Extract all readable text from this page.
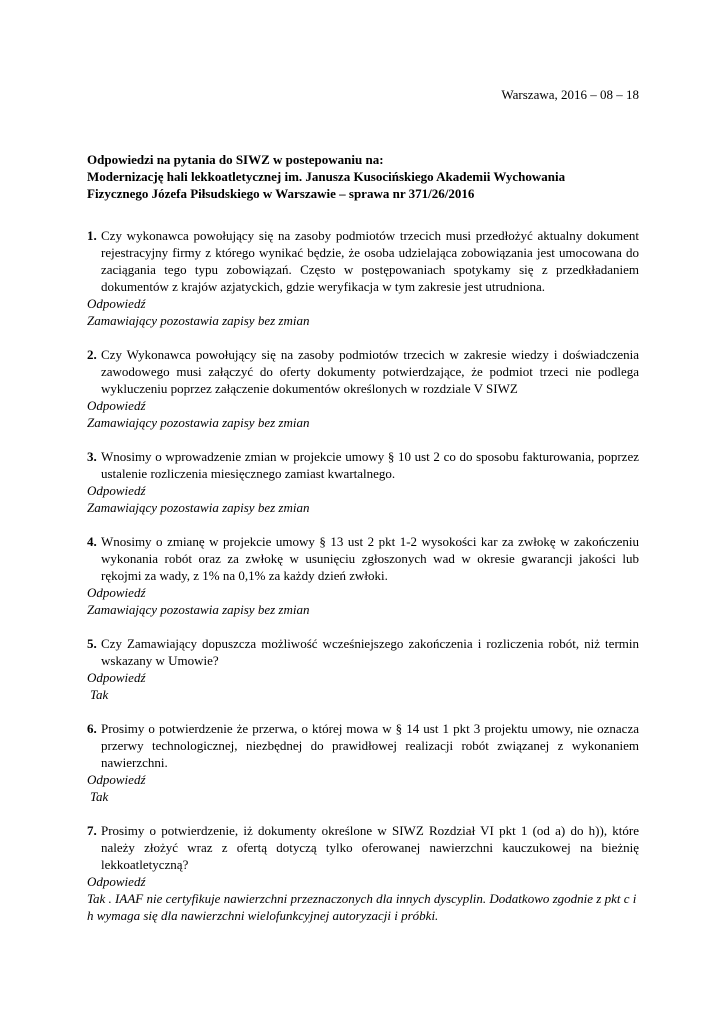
Warszawa, 2016 – 08 – 18
Odpowiedzi na pytania do SIWZ w postepowaniu na:
Modernizację hali lekkoatletycznej im. Janusza Kusocińskiego Akademii Wychowania
Fizycznego Józefa Piłsudskiego w Warszawie – sprawa nr 371/26/2016
1. Czy wykonawca powołujący się na zasoby podmiotów trzecich musi przedłożyć aktualny dokument rejestracyjny firmy z którego wynikać będzie, że osoba udzielająca zobowiązania jest umocowana do zaciągania tego typu zobowiązań. Często w postępowaniach spotykamy się z przedkładaniem dokumentów z krajów azjatyckich, gdzie weryfikacja w tym zakresie jest utrudniona.
Odpowiedź
Zamawiający pozostawia zapisy bez zmian
2. Czy Wykonawca powołujący się na zasoby podmiotów trzecich w zakresie wiedzy i doświadczenia zawodowego musi załączyć do oferty dokumenty potwierdzające, że podmiot trzeci nie podlega wykluczeniu poprzez załączenie dokumentów określonych w rozdziale V SIWZ
Odpowiedź
Zamawiający pozostawia zapisy bez zmian
3. Wnosimy o wprowadzenie zmian w projekcie umowy § 10 ust 2 co do sposobu fakturowania, poprzez ustalenie rozliczenia miesięcznego zamiast kwartalnego.
Odpowiedź
Zamawiający pozostawia zapisy bez zmian
4. Wnosimy o zmianę w projekcie umowy § 13 ust 2 pkt 1-2 wysokości kar za zwłokę w zakończeniu wykonania robót oraz za zwłokę w usunięciu zgłoszonych wad w okresie gwarancji jakości lub rękojmi za wady, z 1% na 0,1% za każdy dzień zwłoki.
Odpowiedź
Zamawiający pozostawia zapisy bez zmian
5. Czy Zamawiający dopuszcza możliwość wcześniejszego zakończenia i rozliczenia robót, niż termin wskazany w Umowie?
Odpowiedź
Tak
6. Prosimy o potwierdzenie że przerwa, o której mowa w § 14 ust 1 pkt 3 projektu umowy, nie oznacza przerwy technologicznej, niezbędnej do prawidłowej realizacji robót związanej z wykonaniem nawierzchni.
Odpowiedź
Tak
7. Prosimy o potwierdzenie, iż dokumenty określone w SIWZ Rozdział VI pkt 1 (od a) do h)), które należy złożyć wraz z ofertą dotyczą tylko oferowanej nawierzchni kauczukowej na bieżnię lekkoatletyczną?
Odpowiedź
Tak . IAAF nie certyfikuje nawierzchni przeznaczonych dla innych dyscyplin. Dodatkowo zgodnie z pkt c i h wymaga się dla nawierzchni wielofunkcyjnej autoryzacji i próbki.
